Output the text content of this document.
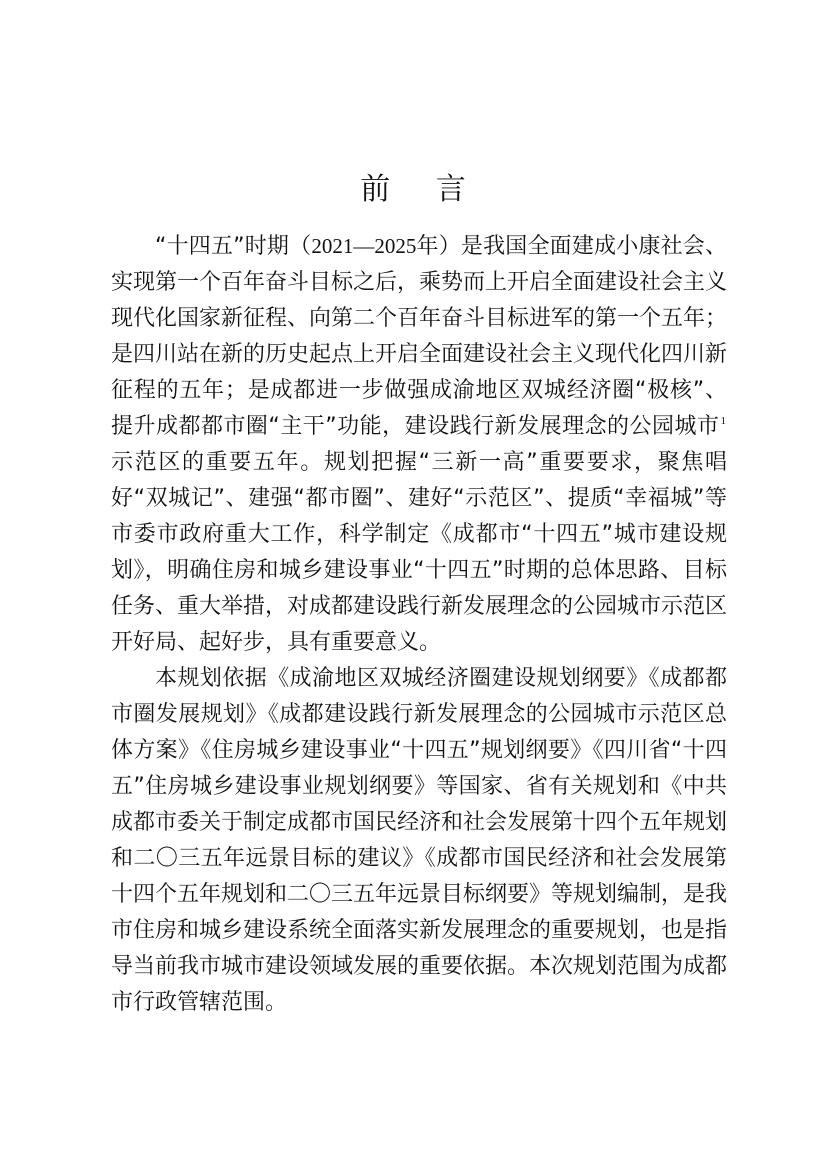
前 言

“十四五”时期（2021—2025年）是我国全面建成小康社会、实现第一个百年奋斗目标之后，乘势而上开启全面建设社会主义现代化国家新征程、向第二个百年奋斗目标进军的第一个五年；是四川站在新的历史起点上开启全面建设社会主义现代化四川新征程的五年；是成都进一步做强成渝地区双城经济圈“极核”、提升成都都市圈“主干”功能，建设践行新发展理念的公园城市$^1$示范区的重要五年。规划把握“三新一高”重要要求，聚焦唱好“双城记”、建强“都市圈”、建好“示范区”、提质“幸福城”等市委市政府重大工作，科学制定《成都市“十四五”城市建设规划》，明确住房和城乡建设事业“十四五”时期的总体思路、目标任务、重大举措，对成都建设践行新发展理念的公园城市示范区开好局、起好步，具有重要意义。

本规划依据《成渝地区双城经济圈建设规划纲要》《成都都市圈发展规划》《成都建设践行新发展理念的公园城市示范区总体方案》《住房城乡建设事业“十四五”规划纲要》《四川省“十四五”住房城乡建设事业规划纲要》等国家、省有关规划和《中共成都市委关于制定成都市国民经济和社会发展第十四个五年规划和二〇三五年远景目标的建议》《成都市国民经济和社会发展第十四个五年规划和二〇三五年远景目标纲要》等规划编制，是我市住房和城乡建设系统全面落实新发展理念的重要规划，也是指导当前我市城市建设领域发展的重要依据。本次规划范围为成都市行政管辖范围。
